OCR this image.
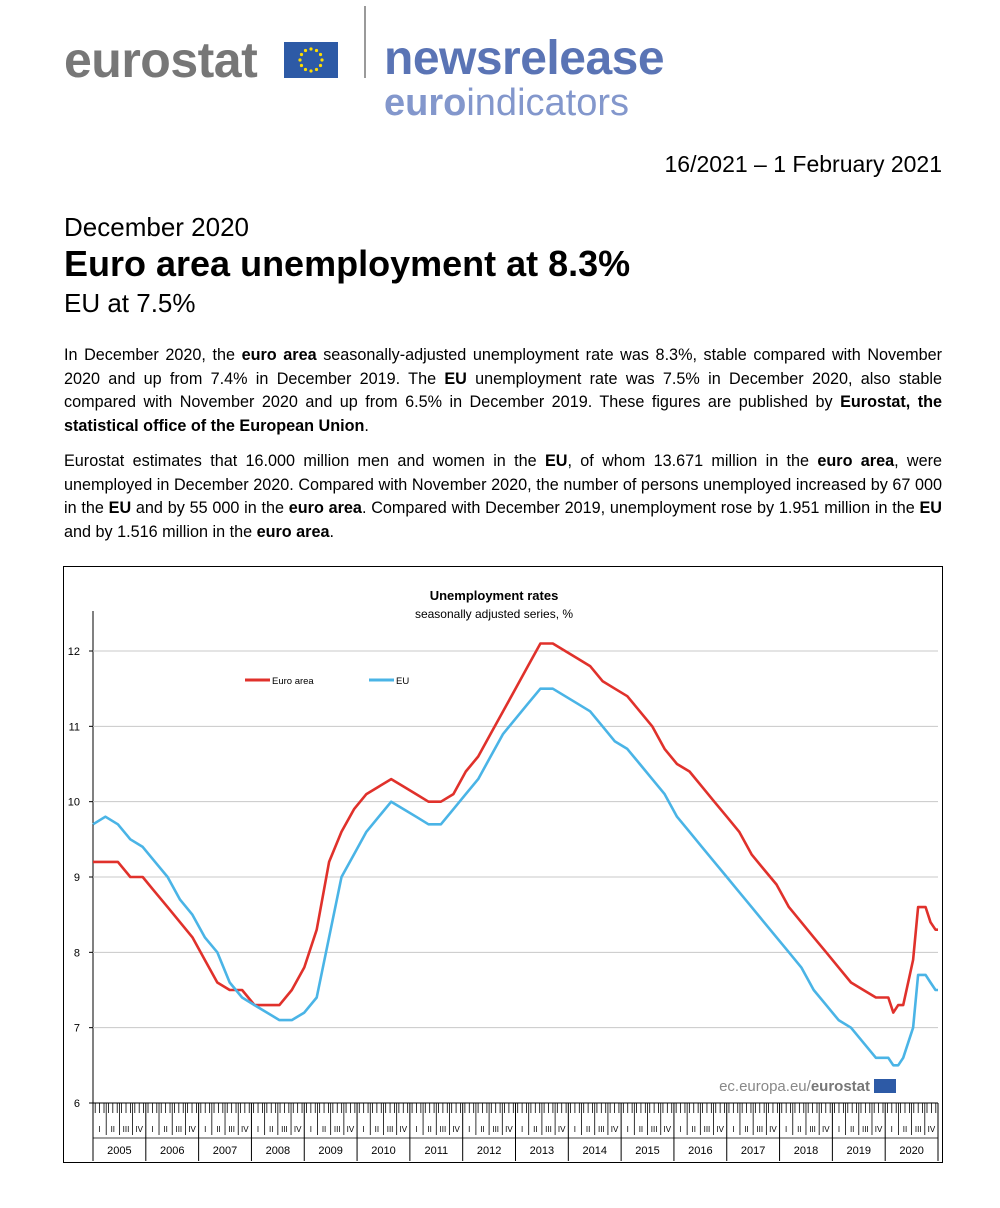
eurostat	newsrelease
euroindicators
16/2021 – 1 February 2021
December 2020
Euro area unemployment at 8.3%
EU at 7.5%
In December 2020, the euro area seasonally-adjusted unemployment rate was 8.3%, stable compared with November 2020 and up from 7.4% in December 2019. The EU unemployment rate was 7.5% in December 2020, also stable compared with November 2020 and up from 6.5% in December 2019. These figures are published by Eurostat, the statistical office of the European Union.
Eurostat estimates that 16.000 million men and women in the EU, of whom 13.671 million in the euro area, were unemployed in December 2020. Compared with November 2020, the number of persons unemployed increased by 67 000 in the EU and by 55 000 in the euro area. Compared with December 2019, unemployment rose by 1.951 million in the EU and by 1.516 million in the euro area.
Unemployment rates
seasonally adjusted series, %
6
7
8
9
10
11
12
Euro area	EU
I II III IV
2005
I II III IV
2006
I II III IV
2007
I II III IV
2008
I II III IV
2009
I II III IV
2010
I II III IV
2011
I II III IV
2012
I II III IV
2013
I II III IV
2014
I II III IV
2015
I II III IV
2016
I II III IV
2017
I II III IV
2018
I II III IV
2019
I II III IV
2020
ec.europa.eu/eurostat
